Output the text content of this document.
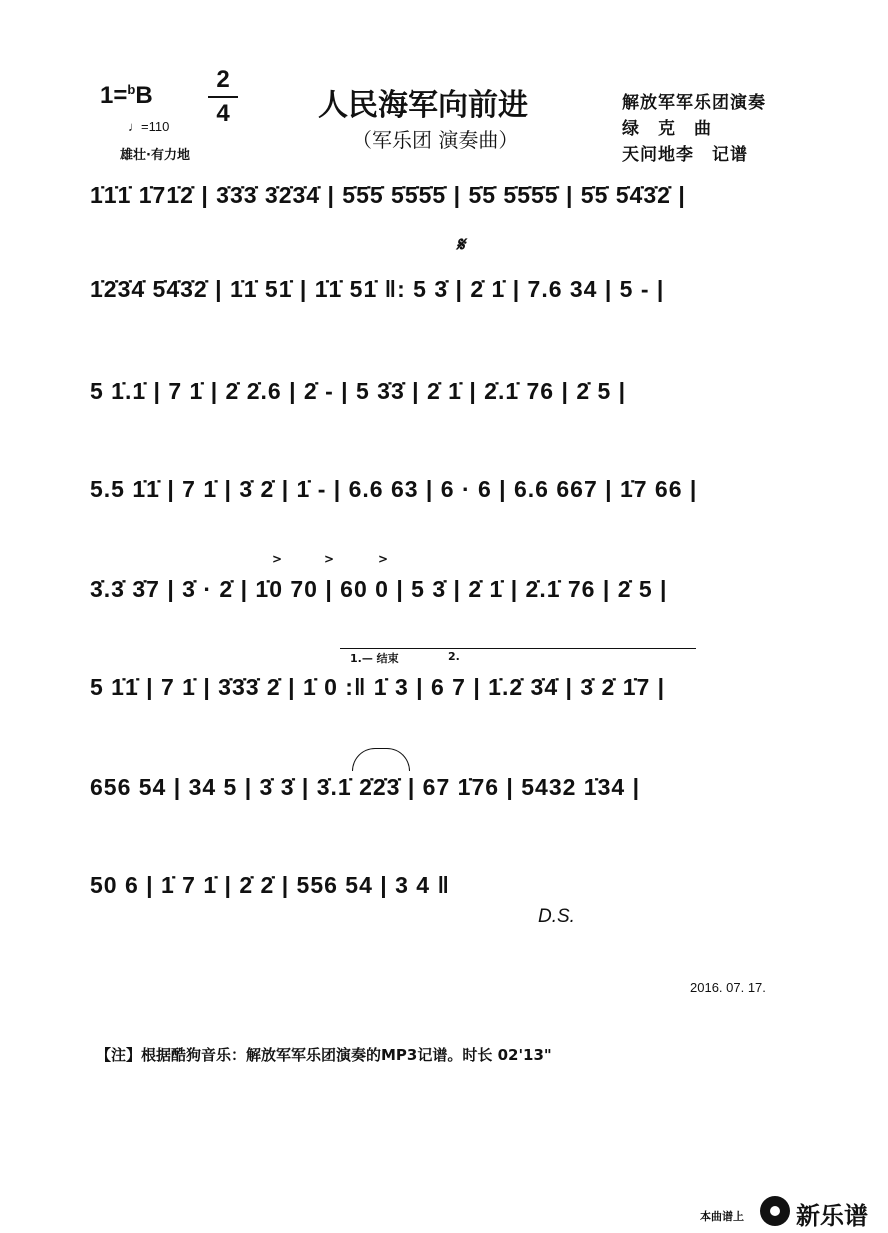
1=$^b$B
2
4
♩=110
雄壮·有力地
人民海军向前进
（军乐团 演奏曲）
解放军军乐团演奏
绿　克　曲
天问地李　记谱
1̇1̇1̇ 1̇71̇2̇ | 3̇3̇3̇ 3̇2̇3̇4̇ | 5̇5̇5̇ 5̇5̇5̇5̇ | 5̇5̇ 5̇5̇5̇5̇ | 5̇5̇ 5̇4̇3̇2̇ |
𝄋
1̇2̇3̇4̇ 5̇4̇3̇2̇ | 1̇1̇ 51̇ | 1̇1̇ 51̇ ‖: 5 3̇ | 2̇ 1̇ | 7.6 34 | 5 - |
5 1̇.1̇ | 7 1̇ | 2̇ 2̇.6 | 2̇ - | 5 3̇3̇ | 2̇ 1̇ | 2̇.1̇ 76 | 2̇ 5 |
5.5 1̇1̇ | 7 1̇ | 3̇ 2̇ | 1̇ - | 6.6 63 | 6 · 6 | 6.6 667 | 1̇7 66 |
>	>	>
3̇.3̇ 3̇7 | 3̇ · 2̇ | 1̇0 70 | 60 0 | 5 3̇ | 2̇ 1̇ | 2̇.1̇ 76 | 2̇ 5 |
1.— 结束	2.
5 1̇1̇ | 7 1̇ | 3̇3̇3̇ 2̇ | 1̇ 0 :‖ 1̇ 3 | 6 7 | 1̇.2̇ 3̇4̇ | 3̇ 2̇ 1̇7 |
656 54 | 34 5 | 3̇ 3̇ | 3̇.1̇ 2̇2̇3̇ | 67 1̇76 | 5432 1̇34 |
50 6 | 1̇ 7 1̇ | 2̇ 2̇ | 556 54 | 3 4 ‖
D.S.
2016. 07. 17.
【注】根据酷狗音乐：解放军军乐团演奏的MP3记谱。时长 02'13"
本曲谱上 新乐谱
